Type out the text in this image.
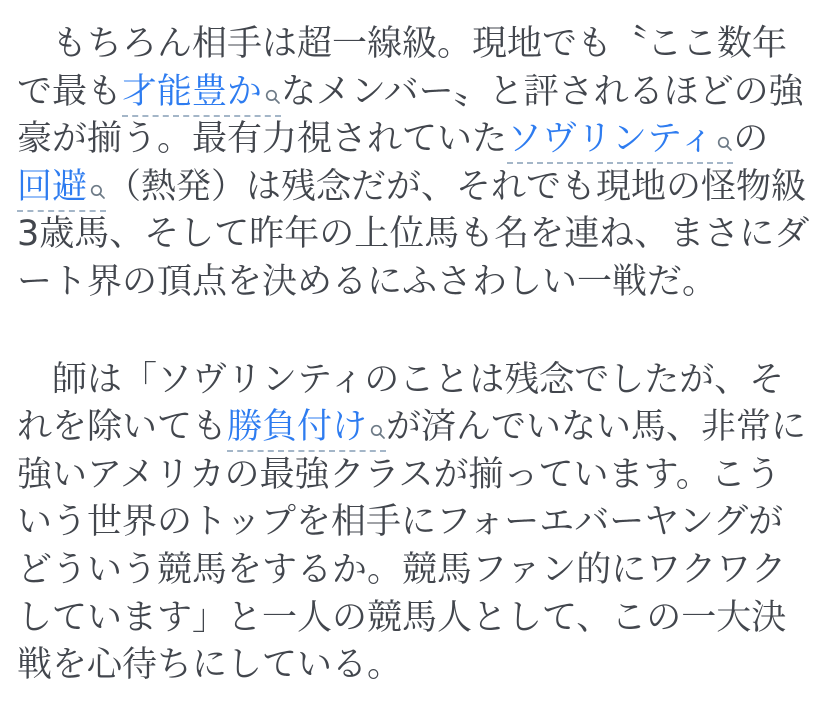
　もちろん相手は超一線級。現地でも〝ここ数年で最も才能豊か なメンバー〟と評されるほどの強豪が揃う。最有力視されていたソヴリンティ の回避 （熱発）は残念だが、それでも現地の怪物級3歳馬、そして昨年の上位馬も名を連ね、まさにダート界の頂点を決めるにふさわしい一戦だ。

　師は「ソヴリンティのことは残念でしたが、それを除いても勝負付け が済んでいない馬、非常に強いアメリカの最強クラスが揃っています。こういう世界のトップを相手にフォーエバーヤングがどういう競馬をするか。競馬ファン的にワクワクしています」と一人の競馬人として、この一大決戦を心待ちにしている。
